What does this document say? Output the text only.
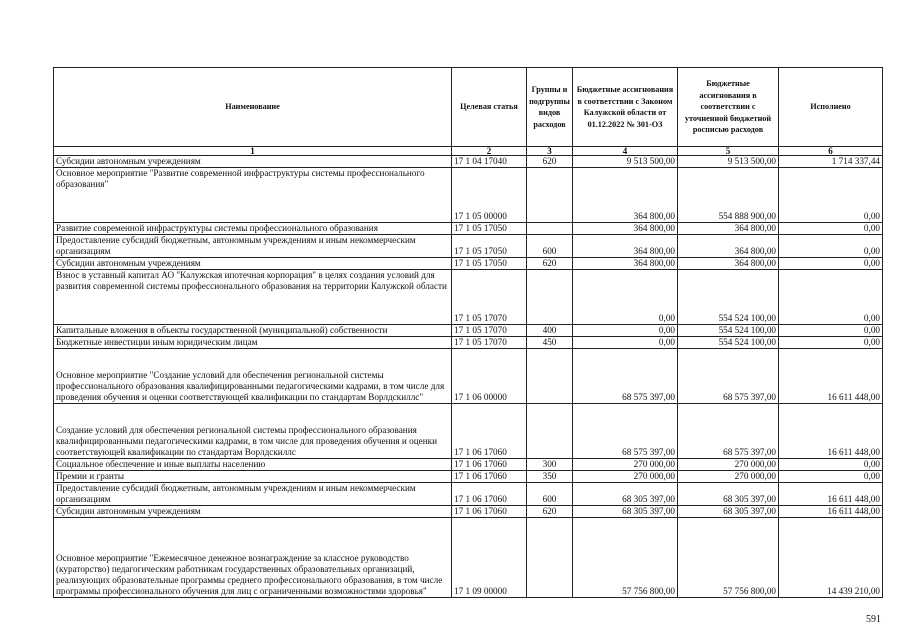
Наименование	Целевая статья	Группы и подгруппы видов расходов	Бюджетные ассигнования в соответствии с Законом Калужской области от 01.12.2022 № 301-ОЗ	Бюджетные ассигнования в соответствии с уточненной бюджетной росписью расходов	Исполнено
1	2	3	4	5	6
Субсидии автономным учреждениям	17 1 04 17040	620	9 513 500,00	9 513 500,00	1 714 337,44
Основное мероприятие "Развитие современной инфраструктуры системы профессионального образования"	17 1 05 00000		364 800,00	554 888 900,00	0,00
Развитие современной инфраструктуры системы профессионального образования	17 1 05 17050		364 800,00	364 800,00	0,00
Предоставление субсидий бюджетным, автономным учреждениям и иным некоммерческим организациям	17 1 05 17050	600	364 800,00	364 800,00	0,00
Субсидии автономным учреждениям	17 1 05 17050	620	364 800,00	364 800,00	0,00
Взнос в уставный капитал АО "Калужская ипотечная корпорация" в целях создания условий для развития современной системы профессионального образования на территории Калужской области	17 1 05 17070		0,00	554 524 100,00	0,00
Капитальные вложения в объекты государственной (муниципальной) собственности	17 1 05 17070	400	0,00	554 524 100,00	0,00
Бюджетные инвестиции иным юридическим лицам	17 1 05 17070	450	0,00	554 524 100,00	0,00
Основное мероприятие "Создание условий для обеспечения региональной системы профессионального образования квалифицированными педагогическими кадрами, в том числе для проведения обучения и оценки соответствующей квалификации по стандартам Ворлдскиллс"	17 1 06 00000		68 575 397,00	68 575 397,00	16 611 448,00
Создание условий для обеспечения региональной системы профессионального образования квалифицированными педагогическими кадрами, в том числе для проведения обучения и оценки соответствующей квалификации по стандартам Ворлдскиллс	17 1 06 17060		68 575 397,00	68 575 397,00	16 611 448,00
Социальное обеспечение и иные выплаты населению	17 1 06 17060	300	270 000,00	270 000,00	0,00
Премии и гранты	17 1 06 17060	350	270 000,00	270 000,00	0,00
Предоставление субсидий бюджетным, автономным учреждениям и иным некоммерческим организациям	17 1 06 17060	600	68 305 397,00	68 305 397,00	16 611 448,00
Субсидии автономным учреждениям	17 1 06 17060	620	68 305 397,00	68 305 397,00	16 611 448,00
Основное мероприятие "Ежемесячное денежное вознаграждение за классное руководство (кураторство) педагогическим работникам государственных образовательных организаций, реализующих образовательные программы среднего профессионального образования, в том числе программы профессионального обучения для лиц с ограниченными возможностями здоровья"	17 1 09 00000		57 756 800,00	57 756 800,00	14 439 210,00
591
